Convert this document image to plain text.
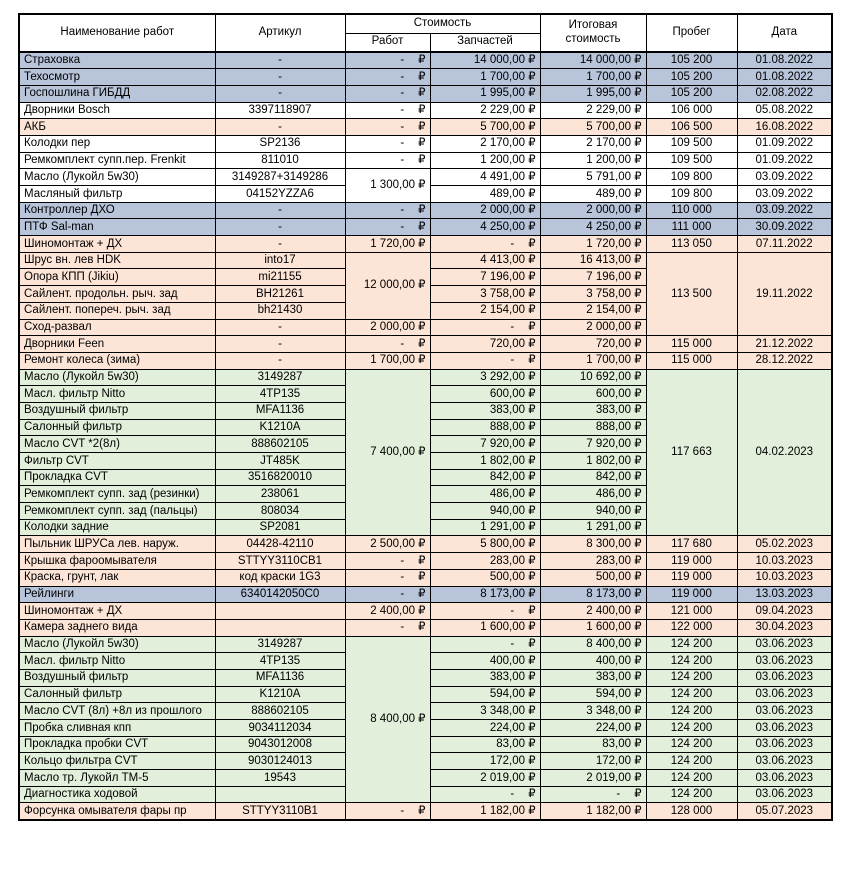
Наименование работ	Артикул	Стоимость		Итоговая стоимость	Пробег	Дата
		Работ	Запчастей			
Страховка	-	- ₽	14 000,00 ₽	14 000,00 ₽	105 200	01.08.2022
Техосмотр	-	- ₽	1 700,00 ₽	1 700,00 ₽	105 200	01.08.2022
Госпошлина ГИБДД	-	- ₽	1 995,00 ₽	1 995,00 ₽	105 200	02.08.2022
Дворники Bosch	3397118907	- ₽	2 229,00 ₽	2 229,00 ₽	106 000	05.08.2022
АКБ	-	- ₽	5 700,00 ₽	5 700,00 ₽	106 500	16.08.2022
Колодки пер	SP2136	- ₽	2 170,00 ₽	2 170,00 ₽	109 500	01.09.2022
Ремкомплект супп.пер. Frenkit	811010	- ₽	1 200,00 ₽	1 200,00 ₽	109 500	01.09.2022
Масло (Лукойл 5w30)	3149287+3149286	1 300,00 ₽	4 491,00 ₽	5 791,00 ₽	109 800	03.09.2022
Масляный фильтр	04152YZZA6		489,00 ₽	489,00 ₽	109 800	03.09.2022
Контроллер ДХО	-	- ₽	2 000,00 ₽	2 000,00 ₽	110 000	03.09.2022
ПТФ Sal-man	-	- ₽	4 250,00 ₽	4 250,00 ₽	111 000	30.09.2022
Шиномонтаж + ДХ	-	1 720,00 ₽	- ₽	1 720,00 ₽	113 050	07.11.2022
Шрус вн. лев HDK	into17	12 000,00 ₽	4 413,00 ₽	16 413,00 ₽	113 500	19.11.2022
Опора КПП (Jikiu)	mi21155		7 196,00 ₽	7 196,00 ₽		
Сайлент. продольн. рыч. зад	BH21261		3 758,00 ₽	3 758,00 ₽		
Сайлент. попереч. рыч. зад	bh21430		2 154,00 ₽	2 154,00 ₽		
Сход-развал	-	2 000,00 ₽	- ₽	2 000,00 ₽		
Дворники Feen	-	- ₽	720,00 ₽	720,00 ₽	115 000	21.12.2022
Ремонт колеса (зима)	-	1 700,00 ₽	- ₽	1 700,00 ₽	115 000	28.12.2022
Масло (Лукойл 5w30)	3149287	7 400,00 ₽	3 292,00 ₽	10 692,00 ₽	117 663	04.02.2023
Масл. фильтр Nitto	4TP135		600,00 ₽	600,00 ₽		
Воздушный фильтр	MFA1136		383,00 ₽	383,00 ₽		
Салонный фильтр	K1210A		888,00 ₽	888,00 ₽		
Масло CVT *2(8л)	888602105		7 920,00 ₽	7 920,00 ₽		
Фильтр CVT	JT485K		1 802,00 ₽	1 802,00 ₽		
Прокладка CVT	3516820010		842,00 ₽	842,00 ₽		
Ремкомплект супп. зад (резинки)	238061		486,00 ₽	486,00 ₽		
Ремкомплект супп. зад (пальцы)	808034		940,00 ₽	940,00 ₽		
Колодки задние	SP2081		1 291,00 ₽	1 291,00 ₽		
Пыльник ШРУСа лев. наруж.	04428-42110	2 500,00 ₽	5 800,00 ₽	8 300,00 ₽	117 680	05.02.2023
Крышка фароомывателя	STTYY3110CB1	- ₽	283,00 ₽	283,00 ₽	119 000	10.03.2023
Краска, грунт, лак	код краски 1G3	- ₽	500,00 ₽	500,00 ₽	119 000	10.03.2023
Рейлинги	6340142050C0	- ₽	8 173,00 ₽	8 173,00 ₽	119 000	13.03.2023
Шиномонтаж + ДХ		2 400,00 ₽	- ₽	2 400,00 ₽	121 000	09.04.2023
Камера заднего вида		- ₽	1 600,00 ₽	1 600,00 ₽	122 000	30.04.2023
Масло (Лукойл 5w30)	3149287	8 400,00 ₽	- ₽	8 400,00 ₽	124 200	03.06.2023
Масл. фильтр Nitto	4TP135		400,00 ₽	400,00 ₽	124 200	03.06.2023
Воздушный фильтр	MFA1136		383,00 ₽	383,00 ₽	124 200	03.06.2023
Салонный фильтр	K1210A		594,00 ₽	594,00 ₽	124 200	03.06.2023
Масло CVT (8л) +8л из прошлого	888602105		3 348,00 ₽	3 348,00 ₽	124 200	03.06.2023
Пробка сливная кпп	9034112034		224,00 ₽	224,00 ₽	124 200	03.06.2023
Прокладка пробки CVT	9043012008		83,00 ₽	83,00 ₽	124 200	03.06.2023
Кольцо фильтра CVT	9030124013		172,00 ₽	172,00 ₽	124 200	03.06.2023
Масло тр. Лукойл ТМ-5	19543		2 019,00 ₽	2 019,00 ₽	124 200	03.06.2023
Диагностика ходовой			- ₽	- ₽	124 200	03.06.2023
Форсунка омывателя фары пр	STTYY3110B1	- ₽	1 182,00 ₽	1 182,00 ₽	128 000	05.07.2023
